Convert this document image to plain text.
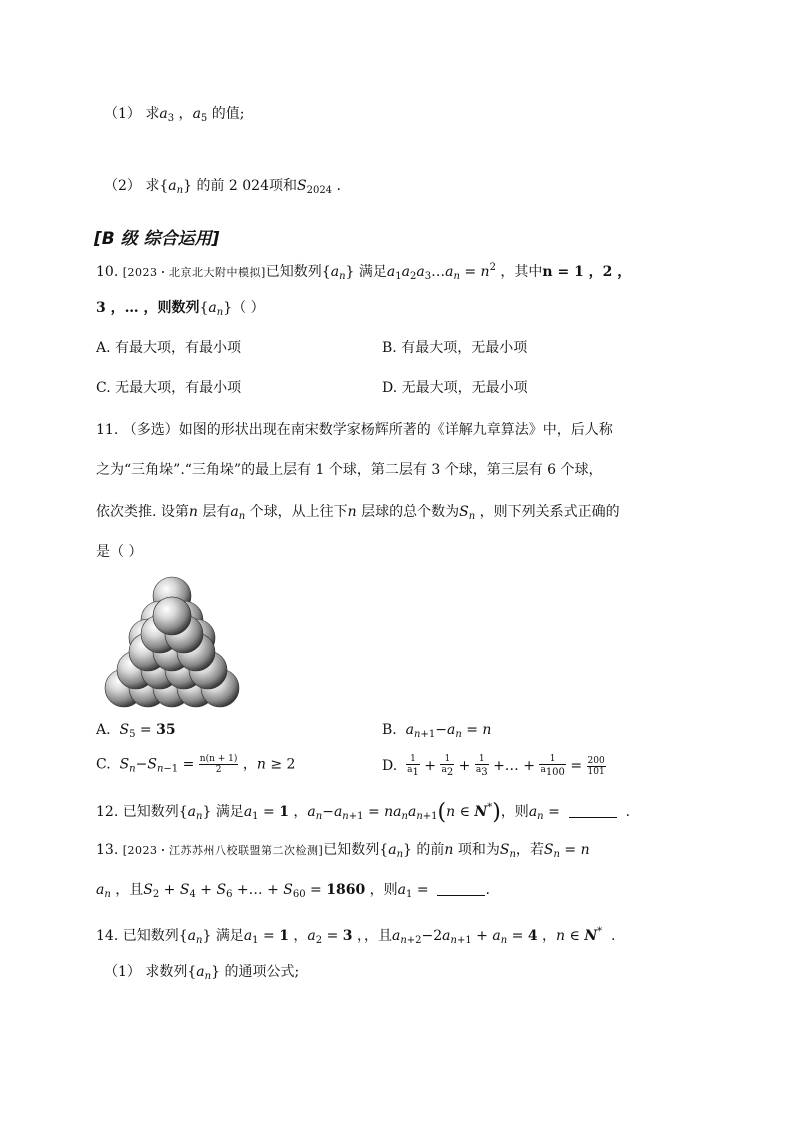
（1） 求$a_3$ ，$a_5$ 的值;
（2） 求$\{a_n\}$ 的前 2 024项和$S_{2024}$ .
[B 级 综合运用]
10. [2023・北京北大附中模拟]已知数列$\{a_n\}$ 满足$a_1a_2a_3\dots a_n = n^2$ ，其中n = 1 ，2 ，
3 ，… ，则数列$\{a_n\}$（ ）
A. 有最大项，有最小项	B. 有最大项，无最小项
C. 无最大项，有最小项	D. 无最大项，无最小项
11. （多选）如图的形状出现在南宋数学家杨辉所著的《详解九章算法》中，后人称
之为“三角垛”.“三角垛”的最上层有 1 个球，第二层有 3 个球，第三层有 6 个球，
依次类推. 设第n 层有$a_n$ 个球，从上往下n 层球的总个数为$S_n$ ，则下列关系式正确的
是（ ）
A. $S_5 = 35$	B. $a_{n+1}-a_n = n$
C. $S_n-S_{n-1} = \frac{n(n + 1)}{2}$ ，n ≥ 2	D. $\frac{1}{a_1} + \frac{1}{a_2} + \frac{1}{a_3}$ +… + $\frac{1}{a_{100}} = \frac{200}{101}$
12. 已知数列$\{a_n\}$ 满足$a_1 = 1$ ，$a_n-a_{n+1} = na_na_{n+1}(n$ ∈ N*)，则$a_n$ =	.
13. [2023・江苏苏州八校联盟第二次检测]已知数列$\{a_n\}$ 的前n 项和为$S_n$，若$S_n = n$
$a_n$ ，且$S_2 + S_4 + S_6$ +… + $S_{60} = 1860$ ，则$a_1$ =	.
14. 已知数列$\{a_n\}$ 满足$a_1 = 1$ ，$a_2 = 3$ ，，且$a_{n+2}-2a_{n+1} + a_n = 4$ ，n ∈ N* .
（1） 求数列$\{a_n\}$ 的通项公式;
